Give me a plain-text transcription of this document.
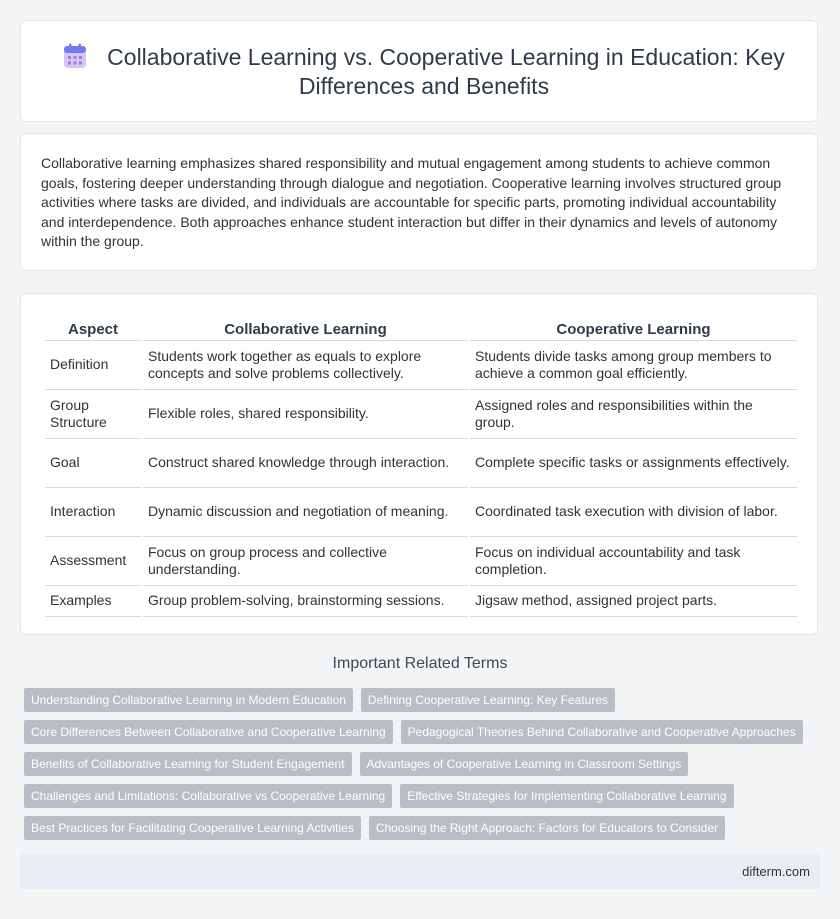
Collaborative Learning vs. Cooperative Learning in Education: Key Differences and Benefits

Collaborative learning emphasizes shared responsibility and mutual engagement among students to achieve common goals, fostering deeper understanding through dialogue and negotiation. Cooperative learning involves structured group activities where tasks are divided, and individuals are accountable for specific parts, promoting individual accountability and interdependence. Both approaches enhance student interaction but differ in their dynamics and levels of autonomy within the group.

Aspect	Collaborative Learning	Cooperative Learning
Definition	Students work together as equals to explore concepts and solve problems collectively.	Students divide tasks among group members to achieve a common goal efficiently.
Group Structure	Flexible roles, shared responsibility.	Assigned roles and responsibilities within the group.
Goal	Construct shared knowledge through interaction.	Complete specific tasks or assignments effectively.
Interaction	Dynamic discussion and negotiation of meaning.	Coordinated task execution with division of labor.
Assessment	Focus on group process and collective understanding.	Focus on individual accountability and task completion.
Examples	Group problem-solving, brainstorming sessions.	Jigsaw method, assigned project parts.
Important Related Terms
Understanding Collaborative Learning in Modern Education	Defining Cooperative Learning: Key Features
Core Differences Between Collaborative and Cooperative Learning	Pedagogical Theories Behind Collaborative and Cooperative Approaches
Benefits of Collaborative Learning for Student Engagement	Advantages of Cooperative Learning in Classroom Settings
Challenges and Limitations: Collaborative vs Cooperative Learning	Effective Strategies for Implementing Collaborative Learning
Best Practices for Facilitating Cooperative Learning Activities	Choosing the Right Approach: Factors for Educators to Consider
difterm.com
